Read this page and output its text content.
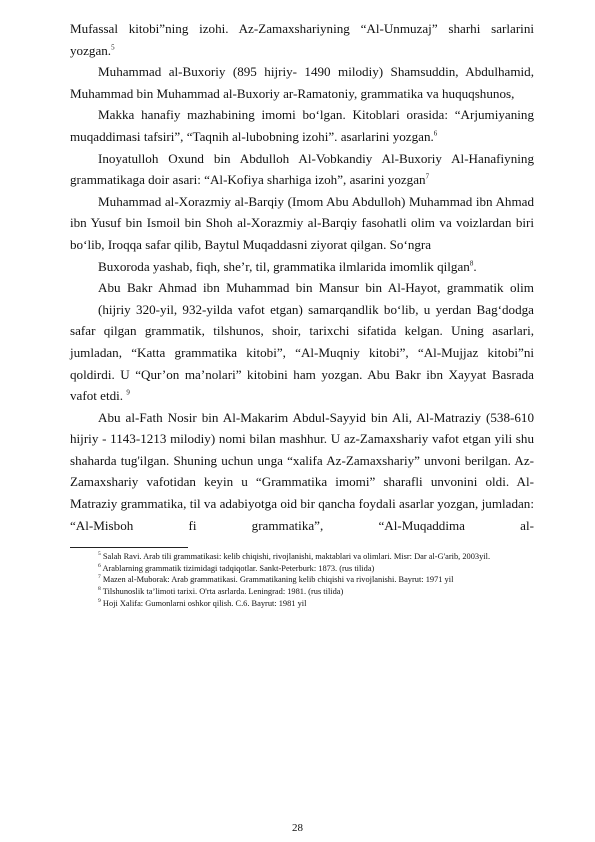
Mufassal kitobi”ning izohi. Az-Zamaxshariyning “Al-Unmuzaj” sharhi sarlarini yozgan.$^5$

Muhammad al-Buxoriy (895 hijriy- 1490 milodiy) Shamsuddin, Abdulhamid, Muhammad bin Muhammad al-Buxoriy ar-Ramatoniy, grammatika va huquqshunos,

Makka hanafiy mazhabining imomi bo‘lgan. Kitoblari orasida: “Arjumiyaning muqaddimasi tafsiri”, “Taqnih al-lubobning izohi”. asarlarini yozgan.$^6$

Inoyatulloh Oxund bin Abdulloh Al-Vobkandiy Al-Buxoriy Al-Hanafiyning grammatikaga doir asari: “Al-Kofiya sharhiga izoh”, asarini yozgan$^7$

Muhammad al-Xorazmiy al-Barqiy (Imom Abu Abdulloh) Muhammad ibn Ahmad ibn Yusuf bin Ismoil bin Shoh al-Xorazmiy al-Barqiy fasohatli olim va voizlardan biri bo‘lib, Iroqqa safar qilib, Baytul Muqaddasni ziyorat qilgan. So‘ngra

Buxoroda yashab, fiqh, she’r, til, grammatika ilmlarida imomlik qilgan$^8$.

Abu Bakr Ahmad ibn Muhammad bin Mansur bin Al-Hayot, grammatik olim

(hijriy 320-yil, 932-yilda vafot etgan) samarqandlik bo‘lib, u yerdan Bag‘dodga safar qilgan grammatik, tilshunos, shoir, tarixchi sifatida kelgan. Uning asarlari, jumladan, “Katta grammatika kitobi”, “Al-Muqniy kitobi”, “Al-Mujjaz kitobi”ni qoldirdi. U “Qur’on ma’nolari” kitobini ham yozgan. Abu Bakr ibn Xayyat Basrada vafot etdi. $^9$

Abu al-Fath Nosir bin Al-Makarim Abdul-Sayyid bin Ali, Al-Matraziy (538-610 hijriy - 1143-1213 milodiy) nomi bilan mashhur. U az-Zamaxshariy vafot etgan yili shu shaharda tug'ilgan. Shuning uchun unga “xalifa Az-Zamaxshariy” unvoni berilgan. Az-Zamaxshariy vafotidan keyin u “Grammatika imomi” sharafli unvonini oldi. Al-Matraziy grammatika, til va adabiyotga oid bir qancha foydali asarlar yozgan, jumladan: “Al-Misboh fi grammatika”, “Al-Muqaddima al-

$^5$ Salah Ravi. Arab tili grammatikasi: kelib chiqishi, rivojlanishi, maktablari va olimlari. Misr: Dar al-G'arib, 2003yil.

$^6$ Arablarning grammatik tizimidagi tadqiqotlar. Sankt-Peterburk: 1873. (rus tilida)

$^7$ Mazen al-Muborak: Arab grammatikasi. Grammatikaning kelib chiqishi va rivojlanishi. Bayrut: 1971 yil

$^8$ Tilshunoslik ta’limoti tarixi. O'rta asrlarda. Leningrad: 1981. (rus tilida)

$^9$ Hoji Xalifa: Gumonlarni oshkor qilish. C.6. Bayrut: 1981 yil

28
